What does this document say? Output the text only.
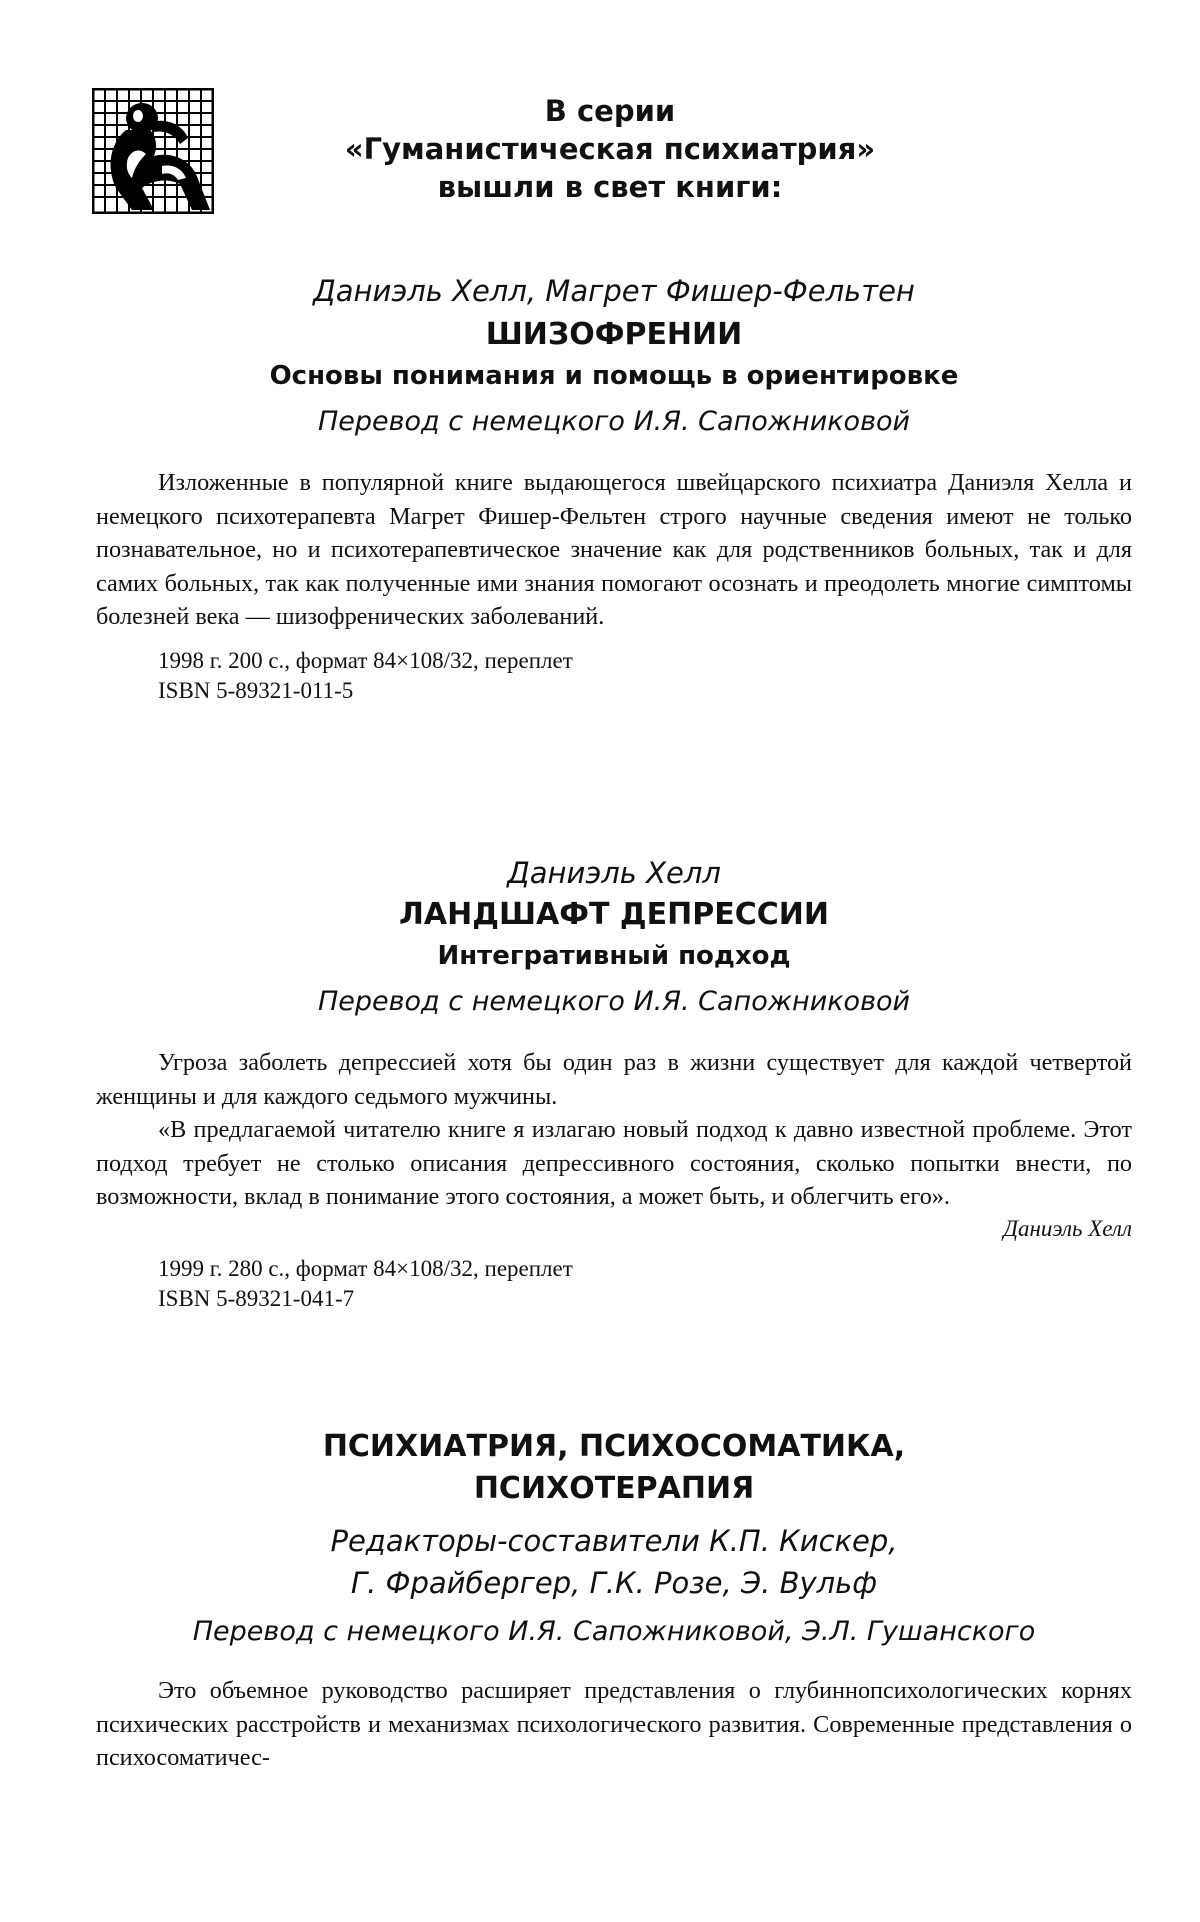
В серии
«Гуманистическая психиатрия»
вышли в свет книги:
Даниэль Хелл, Магрет Фишер-Фельтен
ШИЗОФРЕНИИ
Основы понимания и помощь в ориентировке
Перевод с немецкого И.Я. Сапожниковой

Изложенные в популярной книге выдающегося швейцарского психиатра Даниэля Хелла и немецкого психотерапевта Магрет Фишер-Фельтен строго научные сведения имеют не только познавательное, но и психотерапевтическое значение как для родственников больных, так и для самих больных, так как полученные ими знания помогают осознать и преодолеть многие симптомы болезней века — шизофренических заболеваний.

1998 г. 200 с., формат 84×108/32, переплет
ISBN 5-89321-011-5
Даниэль Хелл
ЛАНДШАФТ ДЕПРЕССИИ
Интегративный подход
Перевод с немецкого И.Я. Сапожниковой

Угроза заболеть депрессией хотя бы один раз в жизни существует для каждой четвертой женщины и для каждого седьмого мужчины.

«В предлагаемой читателю книге я излагаю новый подход к давно известной проблеме. Этот подход требует не столько описания депрессивного состояния, сколько попытки внести, по возможности, вклад в понимание этого состояния, а может быть, и облегчить его».

Даниэль Хелл
1999 г. 280 с., формат 84×108/32, переплет
ISBN 5-89321-041-7
ПСИХИАТРИЯ, ПСИХОСОМАТИКА,
ПСИХОТЕРАПИЯ
Редакторы-составители К.П. Кискер,
Г. Фрайбергер, Г.К. Розе, Э. Вульф
Перевод с немецкого И.Я. Сапожниковой, Э.Л. Гушанского

Это объемное руководство расширяет представления о глубиннопсихологических корнях психических расстройств и механизмах психологического развития. Современные представления о психосоматичес-
